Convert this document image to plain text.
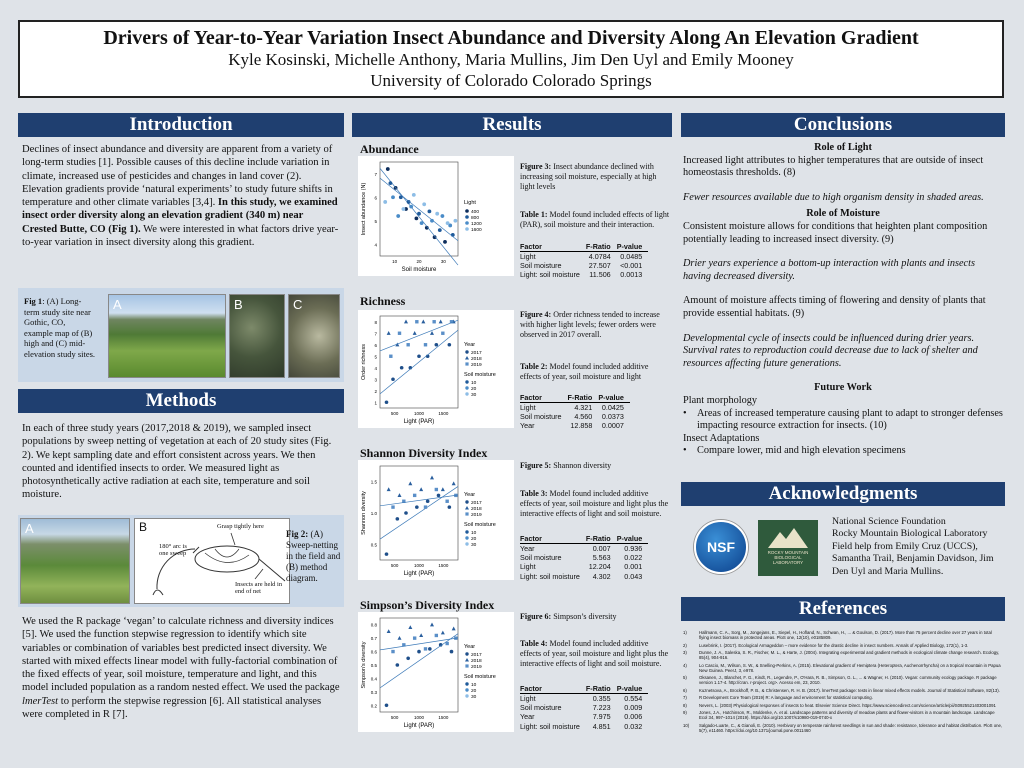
Drivers of Year-to-Year Variation Insect Abundance and Diversity Along An Elevation Gradient
Kyle Kosinski, Michelle Anthony, Maria Mullins, Jim Den Uyl and Emily Mooney
University of Colorado Colorado Springs
Introduction
Declines of insect abundance and diversity are apparent from a variety of long-term studies [1]. Possible causes of this decline include variation in climate, increased use of pesticides and changes in land cover (2). Elevation gradients provide ‘natural experiments’ to study future shifts in temperature and other climate variables [3,4]. In this study, we examined insect order diversity along an elevation gradient (340 m) near Crested Butte, CO (Fig 1). We were interested in what factors drive year-to-year variation in insect diversity along this gradient.
Fig 1: (A) Long-term study site near Gothic, CO, example map of (B) high and (C) mid-elevation study sites.
A	B	C
Methods
In each of three study years (2017,2018 & 2019), we sampled insect populations by sweep netting of vegetation at each of 20 study sites (Fig. 2). We kept sampling date and effort consistent across years. We then counted and identified insects to order. We measured light as photosynthetically active radiation at each site, temperature and soil moisture.
A	B
180° arc is one sweep
Grasp tightly here
Insects are held in end of net
Fig 2: (A) Sweep-netting in the field and (B) method diagram.
We used the R package ‘vegan’ to calculate richness and diversity indices [5]. We used the function stepwise regression to identify which site variables or combination of variables best predicted insect diversity. We started with mixed effects linear model with fully-factorial combination of the fixed effects of year, soil moisture, temperature and light, and this model included population as a random nested effect. We used the package lmerTest to perform the stepwise regression [6]. All statistical analyses were completed in R [7].
Results
Abundance
7
6
5
4
10	20	30
Soil moisture
Insect abundance (N)	Light
400
800
1200
1600
Figure 3: Insect abundance declined with increasing soil moisture, especially at high light levels
Table 1: Model found included effects of light (PAR), soil moisture and their interaction.
Factor	F-Ratio	P-value
Light	4.0784	0.0485
Soil moisture	27.507	<0.001
Light: soil moisture	11.506	0.0013
Richness
8
7
6
5
4
3
2
1
500	1000	1500
Light (PAR)
Order richness	Year
2017
2018
2019
Soil moisture
10
20
30
Figure 4: Order richness tended to increase with higher light levels; fewer orders were observed in 2017 overall.
Table 2: Model found included additive effects of year, soil moisture and light
Factor	F-Ratio	P-value
Light	4.321	0.0425
Soil moisture	4.560	0.0373
Year	12.858	0.0007
Shannon Diversity Index
1.5
1.0
0.5
500	1000	1500
Light (PAR)
Shannon diversity	Year
2017
2018
2019
Soil moisture
10
20
30
Figure 5: Shannon diversity
Table 3: Model found included additive effects of year, soil moisture and light plus the interactive effects of light and soil moisture.
Factor	F-Ratio	P-value
Year	0.007	0.936
Soil moisture	5.563	0.022
Light	12.204	0.001
Light: soil moisture	4.302	0.043
Simpson’s Diversity Index
0.8
0.7
0.6
0.5
0.4
0.3
0.2
500	1000	1500
Light (PAR)
Simpson's diversity	Year
2017
2018
2019
Soil moisture
10
20
30
Figure 6: Simpson’s diversity
Table 4: Model found included additive effects of year, soil moisture and light plus the interactive effects of light and soil moisture.
Factor	F-Ratio	P-value
Light	0.355	0.554
Soil moisture	7.223	0.009
Year	7.975	0.006
Light: soil moisture	4.851	0.032
Conclusions
Role of Light
Increased light attributes to higher temperatures that are outside of insect homeostasis thresholds. (8)
Fewer resources available due to high organism density in shaded areas.
Role of Moisture
Consistent moisture allows for conditions that heighten plant composition potentially leading to increased insect diversity. (9)
Drier years experience a bottom-up interaction with plants and insects having decreased diversity.
Amount of moisture affects timing of flowering and density of plants that provide essential habitats. (9)
Developmental cycle of insects could be influenced during drier years. Survival rates to reproduction could decrease due to lack of shelter and resources affecting future generations.
Future Work
Plant morphology
•	Areas of increased temperature causing plant to adapt to stronger defenses impacting resource extraction for insects. (10)
Insect Adaptations
•	Compare lower, mid and high elevation specimens
Acknowledgments
NSF	ROCKY MOUNTAIN BIOLOGICAL LABORATORY
National Science Foundation
Rocky Mountain Biological Laboratory
Field help from Emily Cruz (UCCS), Samantha Trail, Benjamin Davidson, Jim Den Uyl and Maria Mullins.
References
1)	Hallmann, C. A., Sorg, M., Jongejans, E., Siepel, H., Hofland, N., Schwan, H., ... & Goulson, D. (2017). More than 75 percent decline over 27 years in total flying insect biomass in protected areas. PloS one, 12(10), e0185809.
2)	Lusebrink, I. (2017). Ecological Armageddon – more evidence for the drastic decline in insect numbers. Annals of Applied Biology, 172(1), 1-3.
3)	Dunne, J. A., Saleska, S. R., Fischer, M. L., & Harte, J. (2004). Integrating experimental and gradient methods in ecological climate change research. Ecology, 85(4), 904-916.
4)	Lo Cascio, M., Wilson, S. W., & Snelling-Perkins, A. (2015). Elevational gradient of Hemiptera (Heteroptera, Auchenorrhyncha) on a tropical mountain in Papua New Guinea. PeerJ, 3, e978.
5)	Oksanen, J., Blanchet, F. G., Kindt, R., Legendre, P., O'Hara, R. B., Simpson, G. L., ... & Wagner, H. (2010). Vegan: community ecology package. R package version 1.17-4. http://cran. r-project. org>. Acesso em, 23, 2010.
6)	Kuznetsova, A., Brockhoff, P. B., & Christensen, R. H. B. (2017). lmerTest package: tests in linear mixed effects models. Journal of Statistical Software, 82(13).
7)	R Development Core Team (2019) R: A language and environment for statistical computing.
8)	Nevers, L. (2003) Physiological responses of insects to heat. Elsevier Science Direct. https://www.sciencedirect.com/science/article/pii/S0925521403001091
9)	Jones, J.A., Hutchinson, R., Moldenke, A. et al. Landscape patterns and diversity of meadow plants and flower-visitors in a mountain landscape. Landscape Ecol 34, 997–1014 (2019). https://doi.org/10.1007/s10980-019-0740-x
10)	Salgado-Luarte, C., & Gianoli, E. (2010). Herbivory on temperate rainforest seedlings in sun and shade: resistance, tolerance and habitat distribution. PloS one, 5(7), e11460. https://doi.org/10.1371/journal.pone.0011460
